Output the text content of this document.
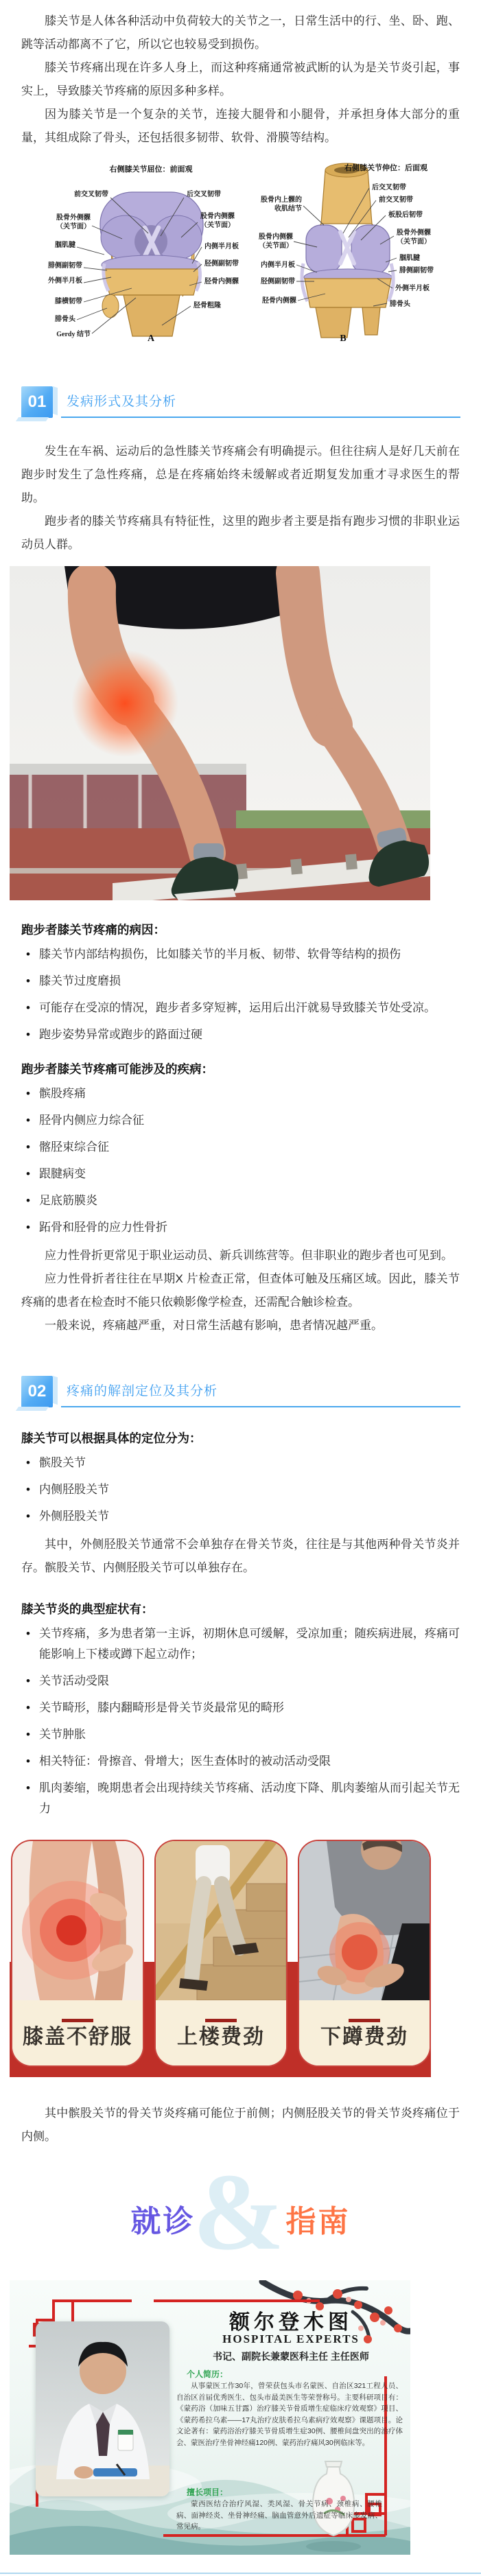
膝关节是人体各种活动中负荷较大的关节之一，日常生活中的行、坐、卧、跑、跳等活动都离不了它，所以它也较易受到损伤。

膝关节疼痛出现在许多人身上，而这种疼痛通常被武断的认为是关节炎引起，事实上，导致膝关节疼痛的原因多种多样。

因为膝关节是一个复杂的关节，连接大腿骨和小腿骨，并承担身体大部分的重量，其组成除了骨头，还包括很多韧带、软骨、滑膜等结构。

右侧膝关节屈位：前面观
前交叉韧带
股骨外侧髁
（关节面）
腘肌腱
腓侧副韧带
外侧半月板
膝横韧带
腓骨头
Gerdy 结节
后交叉韧带
股骨内侧髁
（关节面）
内侧半月板
胫侧副韧带
胫骨内侧髁
胫骨粗隆
A
右侧膝关节伸位：后面观
股骨内上髁的
收肌结节
股骨内侧髁
（关节面）
内侧半月板
胫侧副韧带
胫骨内侧髁
后交叉韧带
前交叉韧带
板股后韧带
股骨外侧髁
（关节面）
腘肌腱
腓侧副韧带
外侧半月板
腓骨头
B
01	发病形式及其分析

发生在车祸、运动后的急性膝关节疼痛会有明确提示。但往往病人是好几天前在跑步时发生了急性疼痛，总是在疼痛始终未缓解或者近期复发加重才寻求医生的帮助。

跑步者的膝关节疼痛具有特征性，这里的跑步者主要是指有跑步习惯的非职业运动员人群。

跑步者膝关节疼痛的病因：
• 膝关节内部结构损伤，比如膝关节的半月板、韧带、软骨等结构的损伤
• 膝关节过度磨损
• 可能存在受凉的情况，跑步者多穿短裤，运用后出汗就易导致膝关节处受凉。
• 跑步姿势异常或跑步的路面过硬
跑步者膝关节疼痛可能涉及的疾病：
• 髌股疼痛
• 胫骨内侧应力综合征
• 髂胫束综合征
• 跟腱病变
• 足底筋膜炎
• 跖骨和胫骨的应力性骨折

应力性骨折更常见于职业运动员、新兵训练营等。但非职业的跑步者也可见到。

应力性骨折者往往在早期X 片检查正常，但查体可触及压痛区域。因此，膝关节疼痛的患者在检查时不能只依赖影像学检查，还需配合触诊检查。

一般来说，疼痛越严重，对日常生活越有影响，患者情况越严重。

02	疼痛的解剖定位及其分析
膝关节可以根据具体的定位分为：
• 髌股关节
• 内侧胫股关节
• 外侧胫股关节

其中，外侧胫股关节通常不会单独存在骨关节炎，往往是与其他两种骨关节炎并存。髌股关节、内侧胫股关节可以单独存在。

膝关节炎的典型症状有：
• 关节疼痛，多为患者第一主诉，初期休息可缓解，受凉加重；随疾病进展，疼痛可能影响上下楼或蹲下起立动作；
• 关节活动受限
• 关节畸形，膝内翻畸形是骨关节炎最常见的畸形
• 关节肿胀
• 相关特征：骨擦音、骨增大；医生查体时的被动活动受限
• 肌肉萎缩，晚期患者会出现持续关节疼痛、活动度下降、肌肉萎缩从而引起关节无力
膝盖不舒服 上楼费劲	下蹲费劲

其中髌股关节的骨关节炎疼痛可能位于前侧；内侧胫股关节的骨关节炎疼痛位于内侧。

&
就诊	指南
额尔登木图
HOSPITAL EXPERTS
书记、副院长兼蒙医科主任 主任医师
个人简历：
从事蒙医工作30年，曾荣获包头市名蒙医、自治区321工程人员、自治区首届优秀医生、包头市最美医生等荣誉称号。主要科研项目有：《蒙药浴（加味五甘露）治疗膝关节骨质增生症临床疗效观察》项目、《蒙药希拉乌素——17丸治疗皮肤希拉乌素病疗效观察》课题项目。论文论著有：蒙药浴治疗膝关节骨质增生症30例、腰椎间盘突出的治疗体会、蒙医治疗坐骨神经痛120例、蒙药治疗痛风30例临床等。
擅长项目：
蒙西医结合治疗风湿、类风湿、骨关节病、颈椎病、腰椎病、面神经炎、坐骨神经痛、脑血管意外后遗症等临床多发病、常见病。
